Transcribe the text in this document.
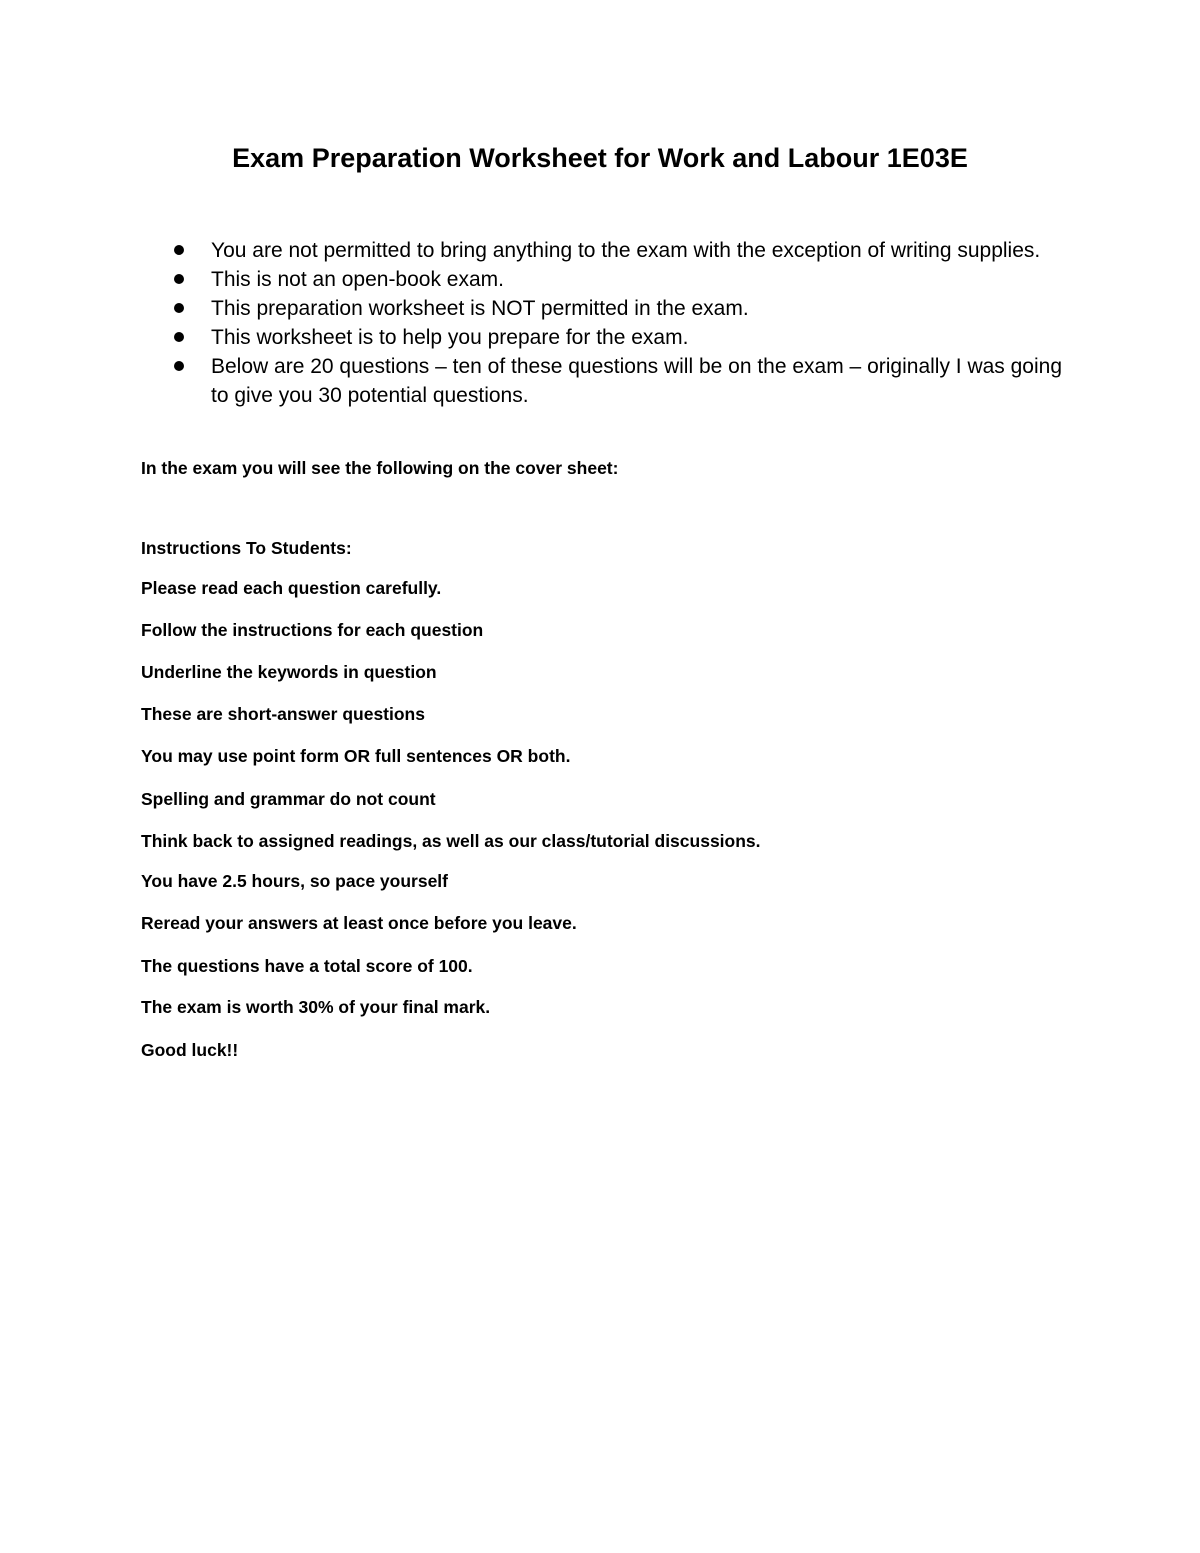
Exam Preparation Worksheet for Work and Labour 1E03E
You are not permitted to bring anything to the exam with the exception of writing supplies.
This is not an open-book exam.
This preparation worksheet is NOT permitted in the exam.
This worksheet is to help you prepare for the exam.
Below are 20 questions – ten of these questions will be on the exam – originally I was going to give you 30 potential questions.

In the exam you will see the following on the cover sheet:

Instructions To Students:

Please read each question carefully.

Follow the instructions for each question

Underline the keywords in question

These are short-answer questions

You may use point form OR full sentences OR both.

Spelling and grammar do not count

Think back to assigned readings, as well as our class/tutorial discussions.

You have 2.5 hours, so pace yourself

Reread your answers at least once before you leave.

The questions have a total score of 100.

The exam is worth 30% of your final mark.

Good luck!!
